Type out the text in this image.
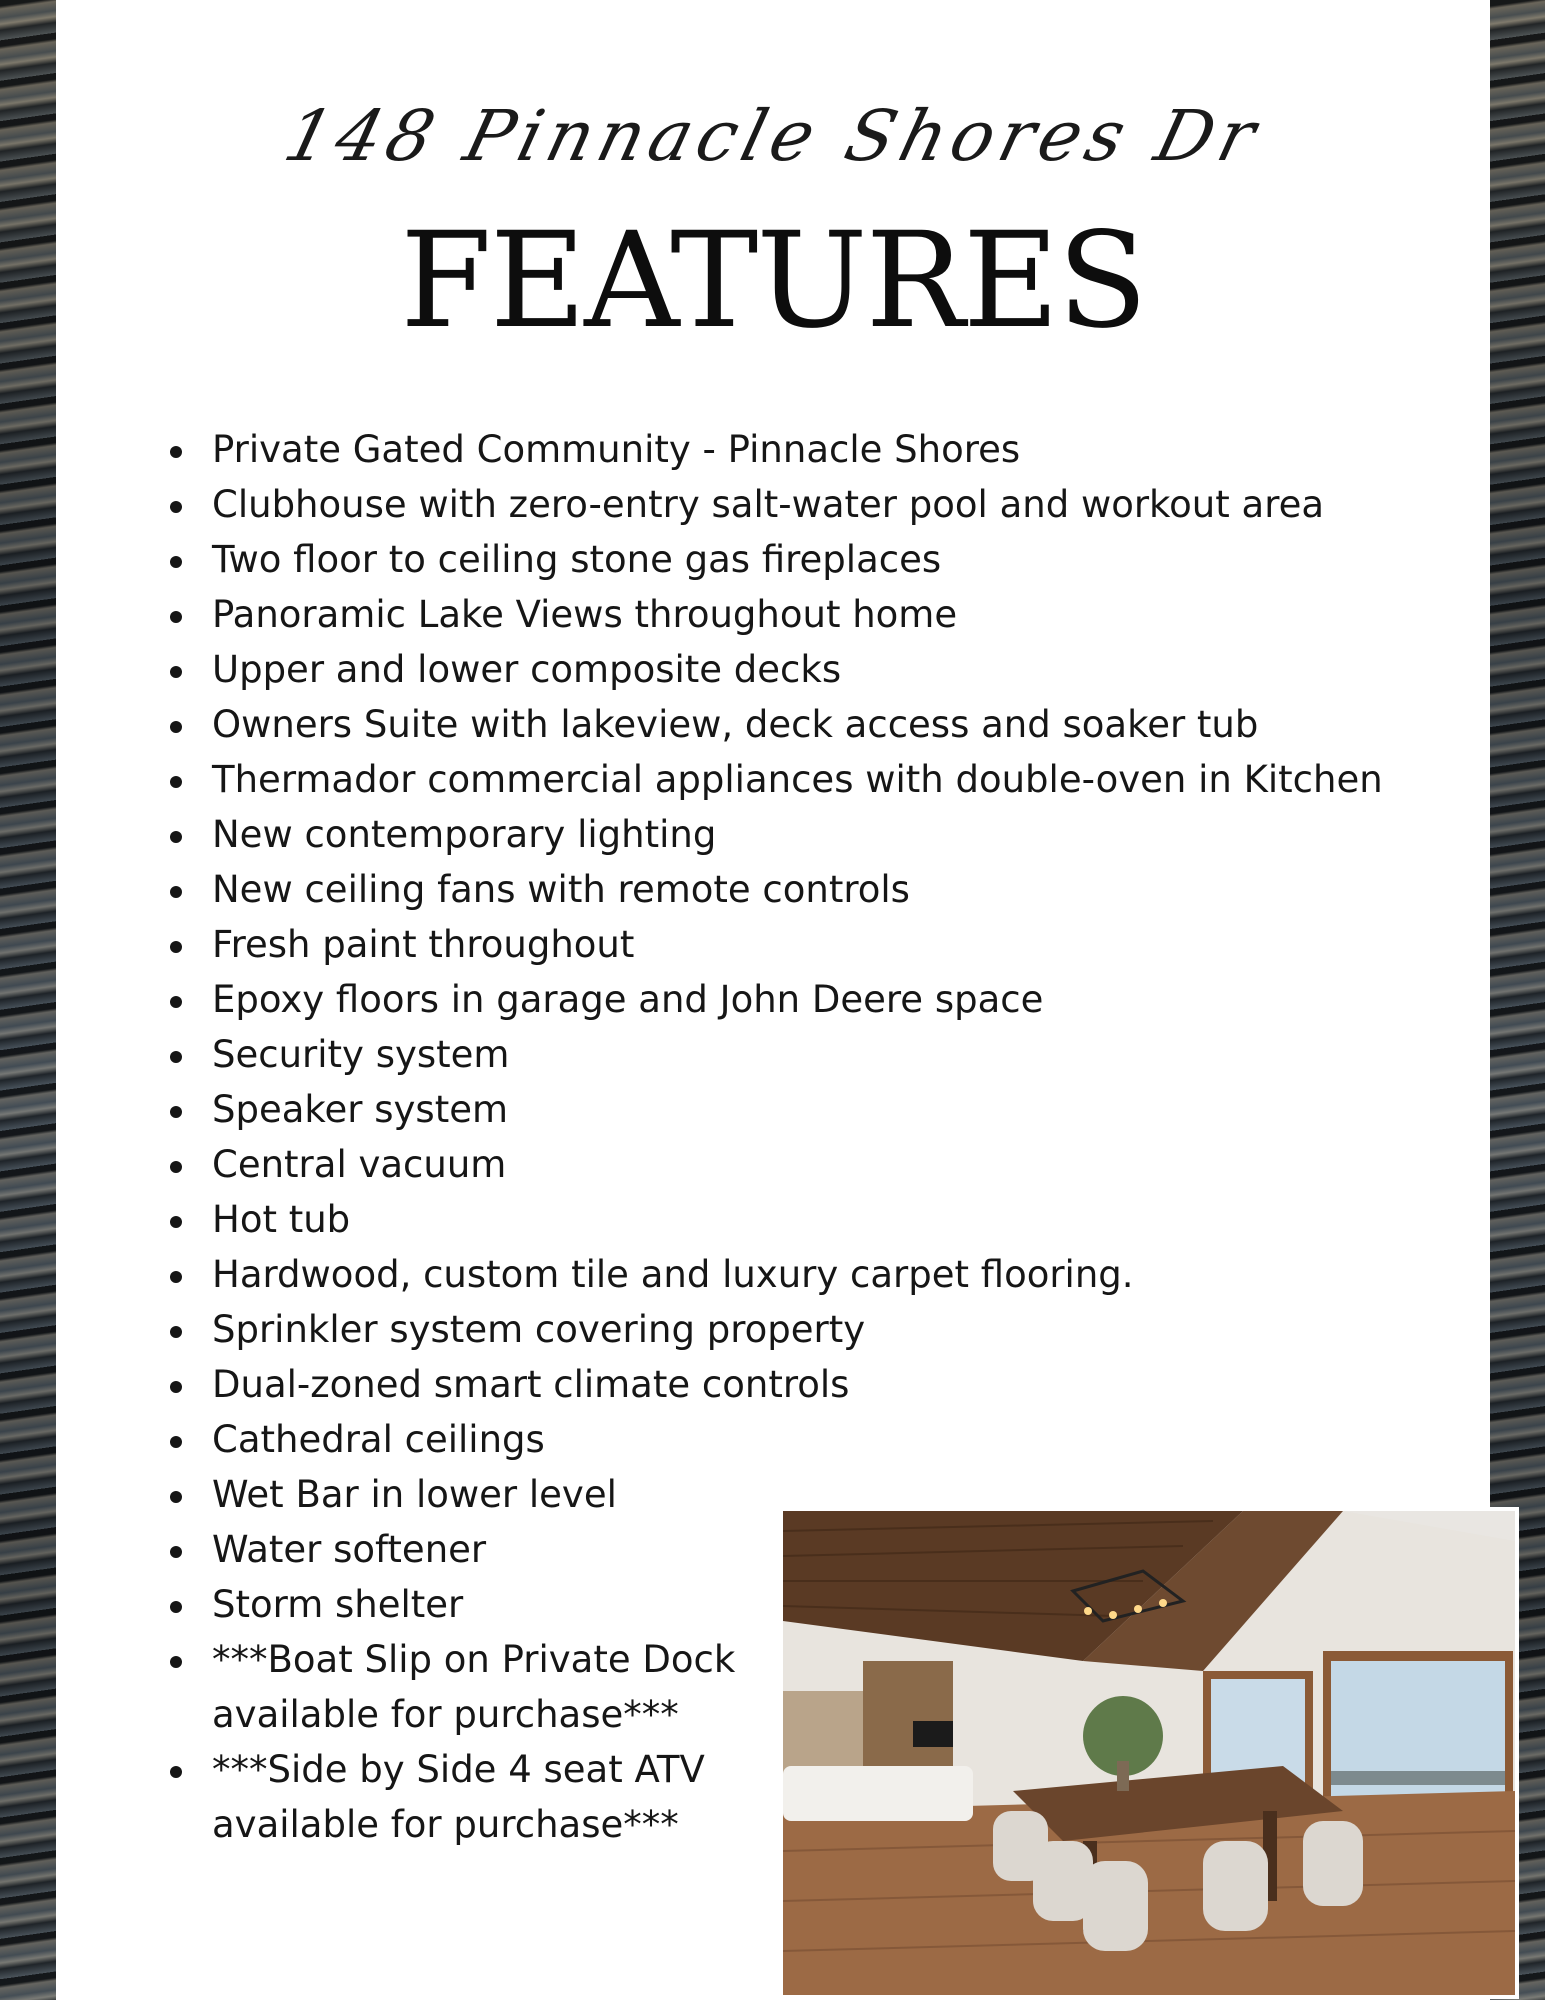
148 Pinnacle Shores Dr
FEATURES
Private Gated Community - Pinnacle Shores
Clubhouse with zero-entry salt-water pool and workout area
Two floor to ceiling stone gas fireplaces
Panoramic Lake Views throughout home
Upper and lower composite decks
Owners Suite with lakeview, deck access and soaker tub
Thermador commercial appliances with double-oven in Kitchen
New contemporary lighting
New ceiling fans with remote controls
Fresh paint throughout
Epoxy floors in garage and John Deere space
Security system
Speaker system
Central vacuum
Hot tub
Hardwood, custom tile and luxury carpet flooring.
Sprinkler system covering property
Dual-zoned smart climate controls
Cathedral ceilings
Wet Bar in lower level
Water softener
Storm shelter
***Boat Slip on Private Dock available for purchase***
***Side by Side 4 seat ATV available for purchase***
